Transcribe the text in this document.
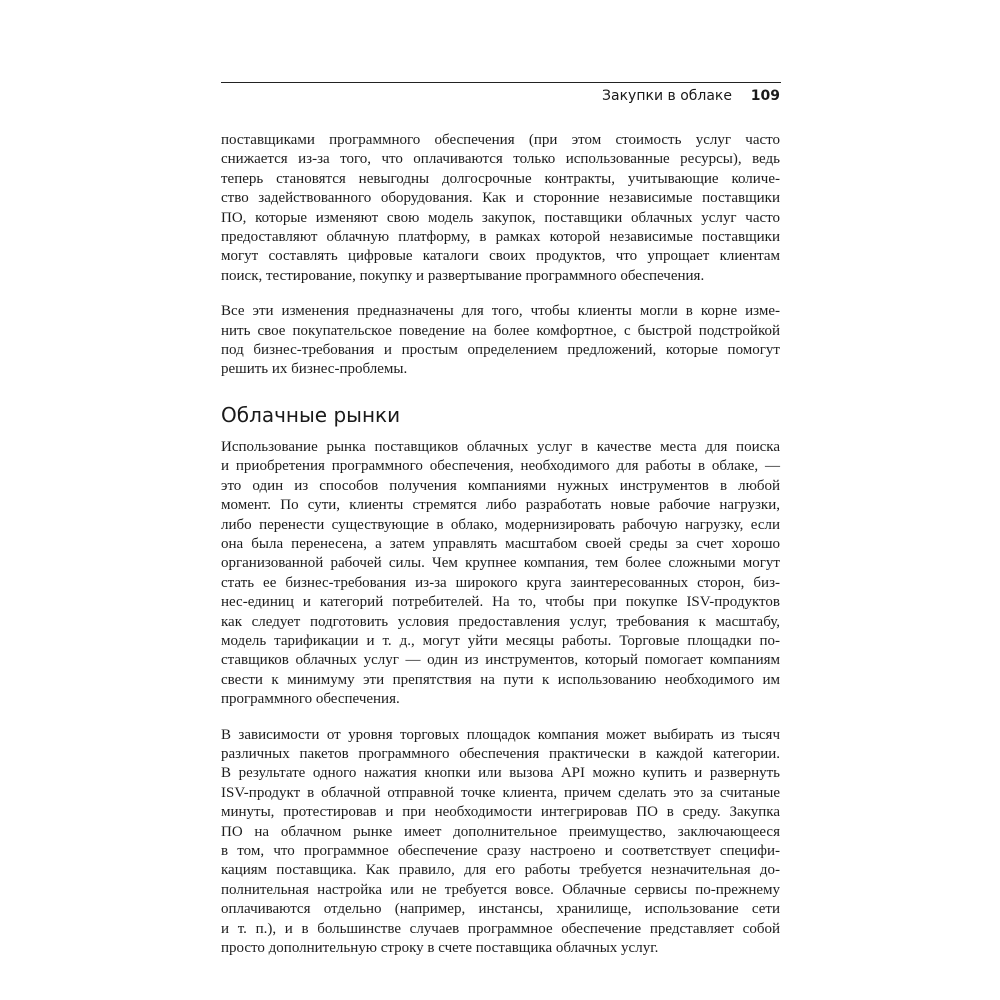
Закупки в облаке 109

поставщиками программного обеспечения (при этом стоимость услуг часто
снижается из-за того, что оплачиваются только использованные ресурсы), ведь
теперь становятся невыгодны долгосрочные контракты, учитывающие количе-
ство задействованного оборудования. Как и сторонние независимые поставщики
ПО, которые изменяют свою модель закупок, поставщики облачных услуг часто
предоставляют облачную платформу, в рамках которой независимые поставщики
могут составлять цифровые каталоги своих продуктов, что упрощает клиентам
поиск, тестирование, покупку и развертывание программного обеспечения.

Все эти изменения предназначены для того, чтобы клиенты могли в корне изме-
нить свое покупательское поведение на более комфортное, с быстрой подстройкой
под бизнес-требования и простым определением предложений, которые помогут
решить их бизнес-проблемы.

Облачные рынки

Использование рынка поставщиков облачных услуг в качестве места для поиска
и приобретения программного обеспечения, необходимого для работы в облаке, —
это один из способов получения компаниями нужных инструментов в любой
момент. По сути, клиенты стремятся либо разработать новые рабочие нагрузки,
либо перенести существующие в облако, модернизировать рабочую нагрузку, если
она была перенесена, а затем управлять масштабом своей среды за счет хорошо
организованной рабочей силы. Чем крупнее компания, тем более сложными могут
стать ее бизнес-требования из-за широкого круга заинтересованных сторон, биз-
нес-единиц и категорий потребителей. На то, чтобы при покупке ISV-продуктов
как следует подготовить условия предоставления услуг, требования к масштабу,
модель тарификации и т. д., могут уйти месяцы работы. Торговые площадки по-
ставщиков облачных услуг — один из инструментов, который помогает компаниям
свести к минимуму эти препятствия на пути к использованию необходимого им
программного обеспечения.

В зависимости от уровня торговых площадок компания может выбирать из тысяч
различных пакетов программного обеспечения практически в каждой категории.
В результате одного нажатия кнопки или вызова API можно купить и развернуть
ISV-продукт в облачной отправной точке клиента, причем сделать это за считаные
минуты, протестировав и при необходимости интегрировав ПО в среду. Закупка
ПО на облачном рынке имеет дополнительное преимущество, заключающееся
в том, что программное обеспечение сразу настроено и соответствует специфи-
кациям поставщика. Как правило, для его работы требуется незначительная до-
полнительная настройка или не требуется вовсе. Облачные сервисы по-прежнему
оплачиваются отдельно (например, инстансы, хранилище, использование сети
и т. п.), и в большинстве случаев программное обеспечение представляет собой
просто дополнительную строку в счете поставщика облачных услуг.
